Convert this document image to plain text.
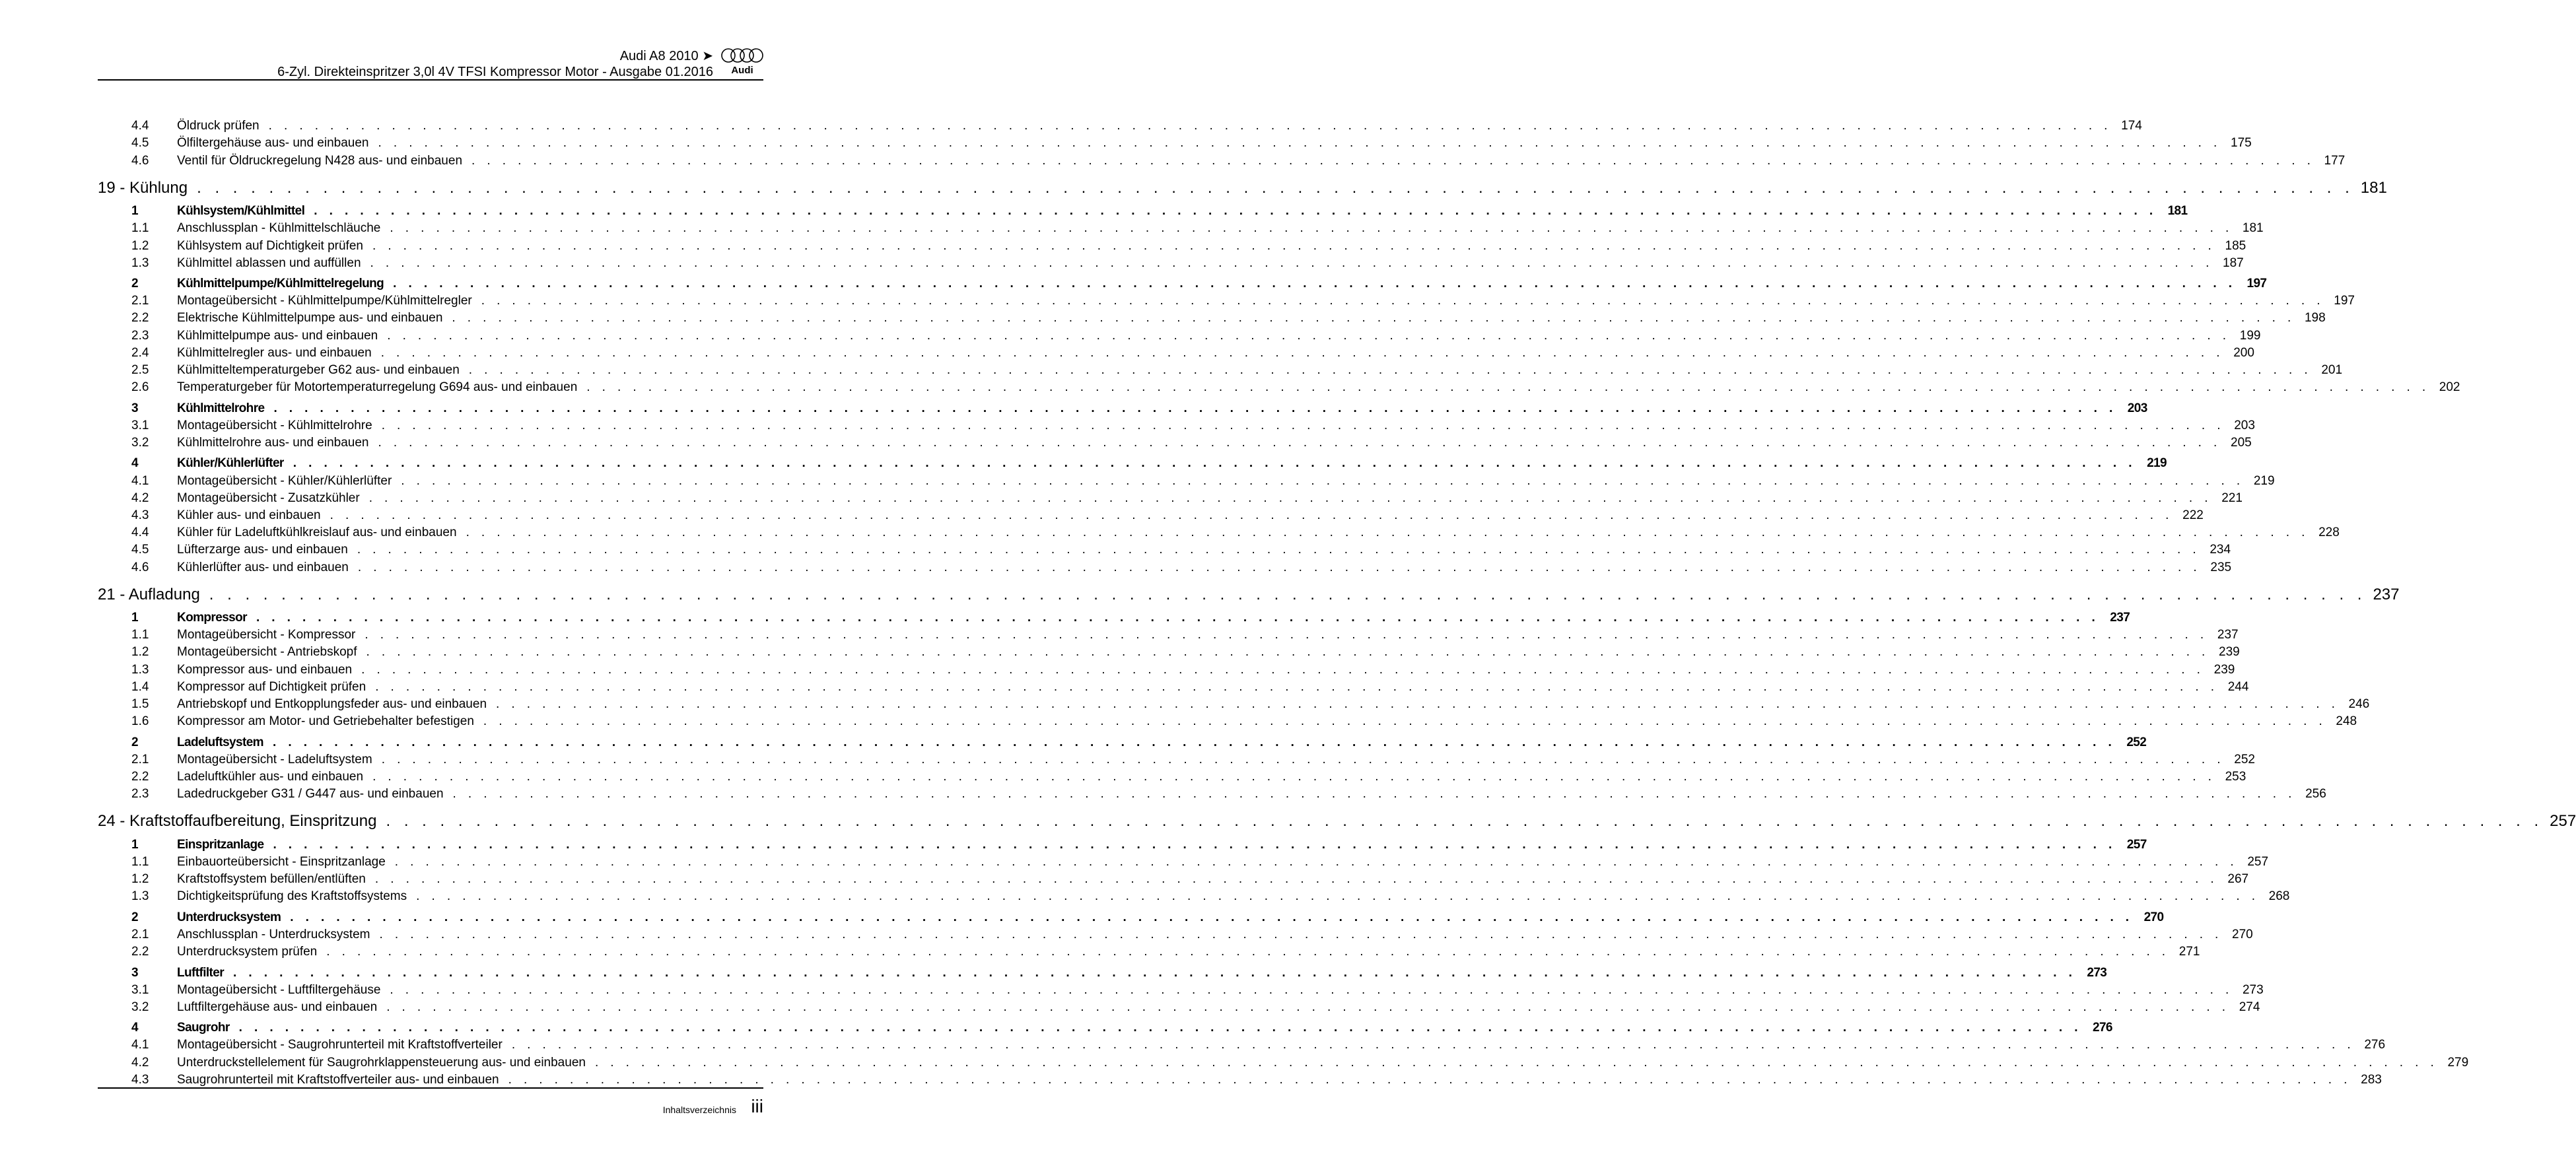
Audi A8 2010 ➤
6-Zyl. Direkteinspritzer 3,0l 4V TFSI Kompressor Motor - Ausgabe 01.2016 Audi
4.4	Öldruck prüfen . . . . . . . . . . . . . . . . . . . . . . . . . . . . . . . . . . . . . . . . . . . . . . . . . . . . . . . . . . . . . . . . . . . . . . . . . . . . . . . . . . . . . . . . . . . . . . . . . . . . . . . . . . . . . . . . . . . . . . . . 174
4.5	Ölfiltergehäuse aus- und einbauen . . . . . . . . . . . . . . . . . . . . . . . . . . . . . . . . . . . . . . . . . . . . . . . . . . . . . . . . . . . . . . . . . . . . . . . . . . . . . . . . . . . . . . . . . . . . . . . . . . . . . . . . . . . . . . . . . . . . . . . . 175
4.6	Ventil für Öldruckregelung N428 aus- und einbauen . . . . . . . . . . . . . . . . . . . . . . . . . . . . . . . . . . . . . . . . . . . . . . . . . . . . . . . . . . . . . . . . . . . . . . . . . . . . . . . . . . . . . . . . . . . . . . . . . . . . . . . . . . . . . . . . . . . . . . . . 177
19 - Kühlung . . . . . . . . . . . . . . . . . . . . . . . . . . . . . . . . . . . . . . . . . . . . . . . . . . . . . . . . . . . . . . . . . . . . . . . . . . . . . . . . . . . . . . . . . . . . . . . . . . . . . . . . . . . . . . . . . . . . . . . . 181
1	Kühlsystem/Kühlmittel . . . . . . . . . . . . . . . . . . . . . . . . . . . . . . . . . . . . . . . . . . . . . . . . . . . . . . . . . . . . . . . . . . . . . . . . . . . . . . . . . . . . . . . . . . . . . . . . . . . . . . . . . . . . . . . . . . . . . . . . 181
1.1	Anschlussplan - Kühlmittelschläuche . . . . . . . . . . . . . . . . . . . . . . . . . . . . . . . . . . . . . . . . . . . . . . . . . . . . . . . . . . . . . . . . . . . . . . . . . . . . . . . . . . . . . . . . . . . . . . . . . . . . . . . . . . . . . . . . . . . . . . . . 181
1.2	Kühlsystem auf Dichtigkeit prüfen . . . . . . . . . . . . . . . . . . . . . . . . . . . . . . . . . . . . . . . . . . . . . . . . . . . . . . . . . . . . . . . . . . . . . . . . . . . . . . . . . . . . . . . . . . . . . . . . . . . . . . . . . . . . . . . . . . . . . . . . 185
1.3	Kühlmittel ablassen und auffüllen . . . . . . . . . . . . . . . . . . . . . . . . . . . . . . . . . . . . . . . . . . . . . . . . . . . . . . . . . . . . . . . . . . . . . . . . . . . . . . . . . . . . . . . . . . . . . . . . . . . . . . . . . . . . . . . . . . . . . . . . 187
2	Kühlmittelpumpe/Kühlmittelregelung . . . . . . . . . . . . . . . . . . . . . . . . . . . . . . . . . . . . . . . . . . . . . . . . . . . . . . . . . . . . . . . . . . . . . . . . . . . . . . . . . . . . . . . . . . . . . . . . . . . . . . . . . . . . . . . . . . . . . . . . 197
2.1	Montageübersicht - Kühlmittelpumpe/Kühlmittelregler . . . . . . . . . . . . . . . . . . . . . . . . . . . . . . . . . . . . . . . . . . . . . . . . . . . . . . . . . . . . . . . . . . . . . . . . . . . . . . . . . . . . . . . . . . . . . . . . . . . . . . . . . . . . . . . . . . . . . . . . 197
2.2	Elektrische Kühlmittelpumpe aus- und einbauen . . . . . . . . . . . . . . . . . . . . . . . . . . . . . . . . . . . . . . . . . . . . . . . . . . . . . . . . . . . . . . . . . . . . . . . . . . . . . . . . . . . . . . . . . . . . . . . . . . . . . . . . . . . . . . . . . . . . . . . . 198
2.3	Kühlmittelpumpe aus- und einbauen . . . . . . . . . . . . . . . . . . . . . . . . . . . . . . . . . . . . . . . . . . . . . . . . . . . . . . . . . . . . . . . . . . . . . . . . . . . . . . . . . . . . . . . . . . . . . . . . . . . . . . . . . . . . . . . . . . . . . . . . 199
2.4	Kühlmittelregler aus- und einbauen . . . . . . . . . . . . . . . . . . . . . . . . . . . . . . . . . . . . . . . . . . . . . . . . . . . . . . . . . . . . . . . . . . . . . . . . . . . . . . . . . . . . . . . . . . . . . . . . . . . . . . . . . . . . . . . . . . . . . . . . 200
2.5	Kühlmitteltemperaturgeber G62 aus- und einbauen . . . . . . . . . . . . . . . . . . . . . . . . . . . . . . . . . . . . . . . . . . . . . . . . . . . . . . . . . . . . . . . . . . . . . . . . . . . . . . . . . . . . . . . . . . . . . . . . . . . . . . . . . . . . . . . . . . . . . . . . 201
2.6	Temperaturgeber für Motortemperaturregelung G694 aus- und einbauen . . . . . . . . . . . . . . . . . . . . . . . . . . . . . . . . . . . . . . . . . . . . . . . . . . . . . . . . . . . . . . . . . . . . . . . . . . . . . . . . . . . . . . . . . . . . . . . . . . . . . . . . . . . . . . . . . . . . . . . . 202
3	Kühlmittelrohre . . . . . . . . . . . . . . . . . . . . . . . . . . . . . . . . . . . . . . . . . . . . . . . . . . . . . . . . . . . . . . . . . . . . . . . . . . . . . . . . . . . . . . . . . . . . . . . . . . . . . . . . . . . . . . . . . . . . . . . . 203
3.1	Montageübersicht - Kühlmittelrohre . . . . . . . . . . . . . . . . . . . . . . . . . . . . . . . . . . . . . . . . . . . . . . . . . . . . . . . . . . . . . . . . . . . . . . . . . . . . . . . . . . . . . . . . . . . . . . . . . . . . . . . . . . . . . . . . . . . . . . . . 203
3.2	Kühlmittelrohre aus- und einbauen . . . . . . . . . . . . . . . . . . . . . . . . . . . . . . . . . . . . . . . . . . . . . . . . . . . . . . . . . . . . . . . . . . . . . . . . . . . . . . . . . . . . . . . . . . . . . . . . . . . . . . . . . . . . . . . . . . . . . . . . 205
4	Kühler/Kühlerlüfter . . . . . . . . . . . . . . . . . . . . . . . . . . . . . . . . . . . . . . . . . . . . . . . . . . . . . . . . . . . . . . . . . . . . . . . . . . . . . . . . . . . . . . . . . . . . . . . . . . . . . . . . . . . . . . . . . . . . . . . . 219
4.1	Montageübersicht - Kühler/Kühlerlüfter . . . . . . . . . . . . . . . . . . . . . . . . . . . . . . . . . . . . . . . . . . . . . . . . . . . . . . . . . . . . . . . . . . . . . . . . . . . . . . . . . . . . . . . . . . . . . . . . . . . . . . . . . . . . . . . . . . . . . . . . 219
4.2	Montageübersicht - Zusatzkühler . . . . . . . . . . . . . . . . . . . . . . . . . . . . . . . . . . . . . . . . . . . . . . . . . . . . . . . . . . . . . . . . . . . . . . . . . . . . . . . . . . . . . . . . . . . . . . . . . . . . . . . . . . . . . . . . . . . . . . . . 221
4.3	Kühler aus- und einbauen . . . . . . . . . . . . . . . . . . . . . . . . . . . . . . . . . . . . . . . . . . . . . . . . . . . . . . . . . . . . . . . . . . . . . . . . . . . . . . . . . . . . . . . . . . . . . . . . . . . . . . . . . . . . . . . . . . . . . . . . 222
4.4	Kühler für Ladeluftkühlkreislauf aus- und einbauen . . . . . . . . . . . . . . . . . . . . . . . . . . . . . . . . . . . . . . . . . . . . . . . . . . . . . . . . . . . . . . . . . . . . . . . . . . . . . . . . . . . . . . . . . . . . . . . . . . . . . . . . . . . . . . . . . . . . . . . . 228
4.5	Lüfterzarge aus- und einbauen . . . . . . . . . . . . . . . . . . . . . . . . . . . . . . . . . . . . . . . . . . . . . . . . . . . . . . . . . . . . . . . . . . . . . . . . . . . . . . . . . . . . . . . . . . . . . . . . . . . . . . . . . . . . . . . . . . . . . . . . 234
4.6	Kühlerlüfter aus- und einbauen . . . . . . . . . . . . . . . . . . . . . . . . . . . . . . . . . . . . . . . . . . . . . . . . . . . . . . . . . . . . . . . . . . . . . . . . . . . . . . . . . . . . . . . . . . . . . . . . . . . . . . . . . . . . . . . . . . . . . . . . 235
21 - Aufladung . . . . . . . . . . . . . . . . . . . . . . . . . . . . . . . . . . . . . . . . . . . . . . . . . . . . . . . . . . . . . . . . . . . . . . . . . . . . . . . . . . . . . . . . . . . . . . . . . . . . . . . . . . . . . . . . . . . . . . . . 237
1	Kompressor . . . . . . . . . . . . . . . . . . . . . . . . . . . . . . . . . . . . . . . . . . . . . . . . . . . . . . . . . . . . . . . . . . . . . . . . . . . . . . . . . . . . . . . . . . . . . . . . . . . . . . . . . . . . . . . . . . . . . . . . 237
1.1	Montageübersicht - Kompressor . . . . . . . . . . . . . . . . . . . . . . . . . . . . . . . . . . . . . . . . . . . . . . . . . . . . . . . . . . . . . . . . . . . . . . . . . . . . . . . . . . . . . . . . . . . . . . . . . . . . . . . . . . . . . . . . . . . . . . . . 237
1.2	Montageübersicht - Antriebskopf . . . . . . . . . . . . . . . . . . . . . . . . . . . . . . . . . . . . . . . . . . . . . . . . . . . . . . . . . . . . . . . . . . . . . . . . . . . . . . . . . . . . . . . . . . . . . . . . . . . . . . . . . . . . . . . . . . . . . . . . 239
1.3	Kompressor aus- und einbauen . . . . . . . . . . . . . . . . . . . . . . . . . . . . . . . . . . . . . . . . . . . . . . . . . . . . . . . . . . . . . . . . . . . . . . . . . . . . . . . . . . . . . . . . . . . . . . . . . . . . . . . . . . . . . . . . . . . . . . . . 239
1.4	Kompressor auf Dichtigkeit prüfen . . . . . . . . . . . . . . . . . . . . . . . . . . . . . . . . . . . . . . . . . . . . . . . . . . . . . . . . . . . . . . . . . . . . . . . . . . . . . . . . . . . . . . . . . . . . . . . . . . . . . . . . . . . . . . . . . . . . . . . . 244
1.5	Antriebskopf und Entkopplungsfeder aus- und einbauen . . . . . . . . . . . . . . . . . . . . . . . . . . . . . . . . . . . . . . . . . . . . . . . . . . . . . . . . . . . . . . . . . . . . . . . . . . . . . . . . . . . . . . . . . . . . . . . . . . . . . . . . . . . . . . . . . . . . . . . . 246
1.6	Kompressor am Motor- und Getriebehalter befestigen . . . . . . . . . . . . . . . . . . . . . . . . . . . . . . . . . . . . . . . . . . . . . . . . . . . . . . . . . . . . . . . . . . . . . . . . . . . . . . . . . . . . . . . . . . . . . . . . . . . . . . . . . . . . . . . . . . . . . . . . 248
2	Ladeluftsystem . . . . . . . . . . . . . . . . . . . . . . . . . . . . . . . . . . . . . . . . . . . . . . . . . . . . . . . . . . . . . . . . . . . . . . . . . . . . . . . . . . . . . . . . . . . . . . . . . . . . . . . . . . . . . . . . . . . . . . . . 252
2.1	Montageübersicht - Ladeluftsystem . . . . . . . . . . . . . . . . . . . . . . . . . . . . . . . . . . . . . . . . . . . . . . . . . . . . . . . . . . . . . . . . . . . . . . . . . . . . . . . . . . . . . . . . . . . . . . . . . . . . . . . . . . . . . . . . . . . . . . . . 252
2.2	Ladeluftkühler aus- und einbauen . . . . . . . . . . . . . . . . . . . . . . . . . . . . . . . . . . . . . . . . . . . . . . . . . . . . . . . . . . . . . . . . . . . . . . . . . . . . . . . . . . . . . . . . . . . . . . . . . . . . . . . . . . . . . . . . . . . . . . . . 253
2.3	Ladedruckgeber G31 / G447 aus- und einbauen . . . . . . . . . . . . . . . . . . . . . . . . . . . . . . . . . . . . . . . . . . . . . . . . . . . . . . . . . . . . . . . . . . . . . . . . . . . . . . . . . . . . . . . . . . . . . . . . . . . . . . . . . . . . . . . . . . . . . . . . 256
24 - Kraftstoffaufbereitung, Einspritzung . . . . . . . . . . . . . . . . . . . . . . . . . . . . . . . . . . . . . . . . . . . . . . . . . . . . . . . . . . . . . . . . . . . . . . . . . . . . . . . . . . . . . . . . . . . . . . . . . . . . . . . . . . . . . . . . . . . . . . . . 257
1	Einspritzanlage . . . . . . . . . . . . . . . . . . . . . . . . . . . . . . . . . . . . . . . . . . . . . . . . . . . . . . . . . . . . . . . . . . . . . . . . . . . . . . . . . . . . . . . . . . . . . . . . . . . . . . . . . . . . . . . . . . . . . . . . 257
1.1	Einbauorteübersicht - Einspritzanlage . . . . . . . . . . . . . . . . . . . . . . . . . . . . . . . . . . . . . . . . . . . . . . . . . . . . . . . . . . . . . . . . . . . . . . . . . . . . . . . . . . . . . . . . . . . . . . . . . . . . . . . . . . . . . . . . . . . . . . . . 257
1.2	Kraftstoffsystem befüllen/entlüften . . . . . . . . . . . . . . . . . . . . . . . . . . . . . . . . . . . . . . . . . . . . . . . . . . . . . . . . . . . . . . . . . . . . . . . . . . . . . . . . . . . . . . . . . . . . . . . . . . . . . . . . . . . . . . . . . . . . . . . . 267
1.3	Dichtigkeitsprüfung des Kraftstoffsystems . . . . . . . . . . . . . . . . . . . . . . . . . . . . . . . . . . . . . . . . . . . . . . . . . . . . . . . . . . . . . . . . . . . . . . . . . . . . . . . . . . . . . . . . . . . . . . . . . . . . . . . . . . . . . . . . . . . . . . . . 268
2	Unterdrucksystem . . . . . . . . . . . . . . . . . . . . . . . . . . . . . . . . . . . . . . . . . . . . . . . . . . . . . . . . . . . . . . . . . . . . . . . . . . . . . . . . . . . . . . . . . . . . . . . . . . . . . . . . . . . . . . . . . . . . . . . . 270
2.1	Anschlussplan - Unterdrucksystem . . . . . . . . . . . . . . . . . . . . . . . . . . . . . . . . . . . . . . . . . . . . . . . . . . . . . . . . . . . . . . . . . . . . . . . . . . . . . . . . . . . . . . . . . . . . . . . . . . . . . . . . . . . . . . . . . . . . . . . . 270
2.2	Unterdrucksystem prüfen . . . . . . . . . . . . . . . . . . . . . . . . . . . . . . . . . . . . . . . . . . . . . . . . . . . . . . . . . . . . . . . . . . . . . . . . . . . . . . . . . . . . . . . . . . . . . . . . . . . . . . . . . . . . . . . . . . . . . . . . 271
3	Luftfilter . . . . . . . . . . . . . . . . . . . . . . . . . . . . . . . . . . . . . . . . . . . . . . . . . . . . . . . . . . . . . . . . . . . . . . . . . . . . . . . . . . . . . . . . . . . . . . . . . . . . . . . . . . . . . . . . . . . . . . . . 273
3.1	Montageübersicht - Luftfiltergehäuse . . . . . . . . . . . . . . . . . . . . . . . . . . . . . . . . . . . . . . . . . . . . . . . . . . . . . . . . . . . . . . . . . . . . . . . . . . . . . . . . . . . . . . . . . . . . . . . . . . . . . . . . . . . . . . . . . . . . . . . . 273
3.2	Luftfiltergehäuse aus- und einbauen . . . . . . . . . . . . . . . . . . . . . . . . . . . . . . . . . . . . . . . . . . . . . . . . . . . . . . . . . . . . . . . . . . . . . . . . . . . . . . . . . . . . . . . . . . . . . . . . . . . . . . . . . . . . . . . . . . . . . . . . 274
4	Saugrohr . . . . . . . . . . . . . . . . . . . . . . . . . . . . . . . . . . . . . . . . . . . . . . . . . . . . . . . . . . . . . . . . . . . . . . . . . . . . . . . . . . . . . . . . . . . . . . . . . . . . . . . . . . . . . . . . . . . . . . . . 276
4.1	Montageübersicht - Saugrohrunterteil mit Kraftstoffverteiler . . . . . . . . . . . . . . . . . . . . . . . . . . . . . . . . . . . . . . . . . . . . . . . . . . . . . . . . . . . . . . . . . . . . . . . . . . . . . . . . . . . . . . . . . . . . . . . . . . . . . . . . . . . . . . . . . . . . . . . . 276
4.2	Unterdruckstellelement für Saugrohrklappensteuerung aus- und einbauen . . . . . . . . . . . . . . . . . . . . . . . . . . . . . . . . . . . . . . . . . . . . . . . . . . . . . . . . . . . . . . . . . . . . . . . . . . . . . . . . . . . . . . . . . . . . . . . . . . . . . . . . . . . . . . . . . . . . . . . . 279
4.3	Saugrohrunterteil mit Kraftstoffverteiler aus- und einbauen . . . . . . . . . . . . . . . . . . . . . . . . . . . . . . . . . . . . . . . . . . . . . . . . . . . . . . . . . . . . . . . . . . . . . . . . . . . . . . . . . . . . . . . . . . . . . . . . . . . . . . . . . . . . . . . . . . . . . . . . 283
Inhaltsverzeichnis iii
